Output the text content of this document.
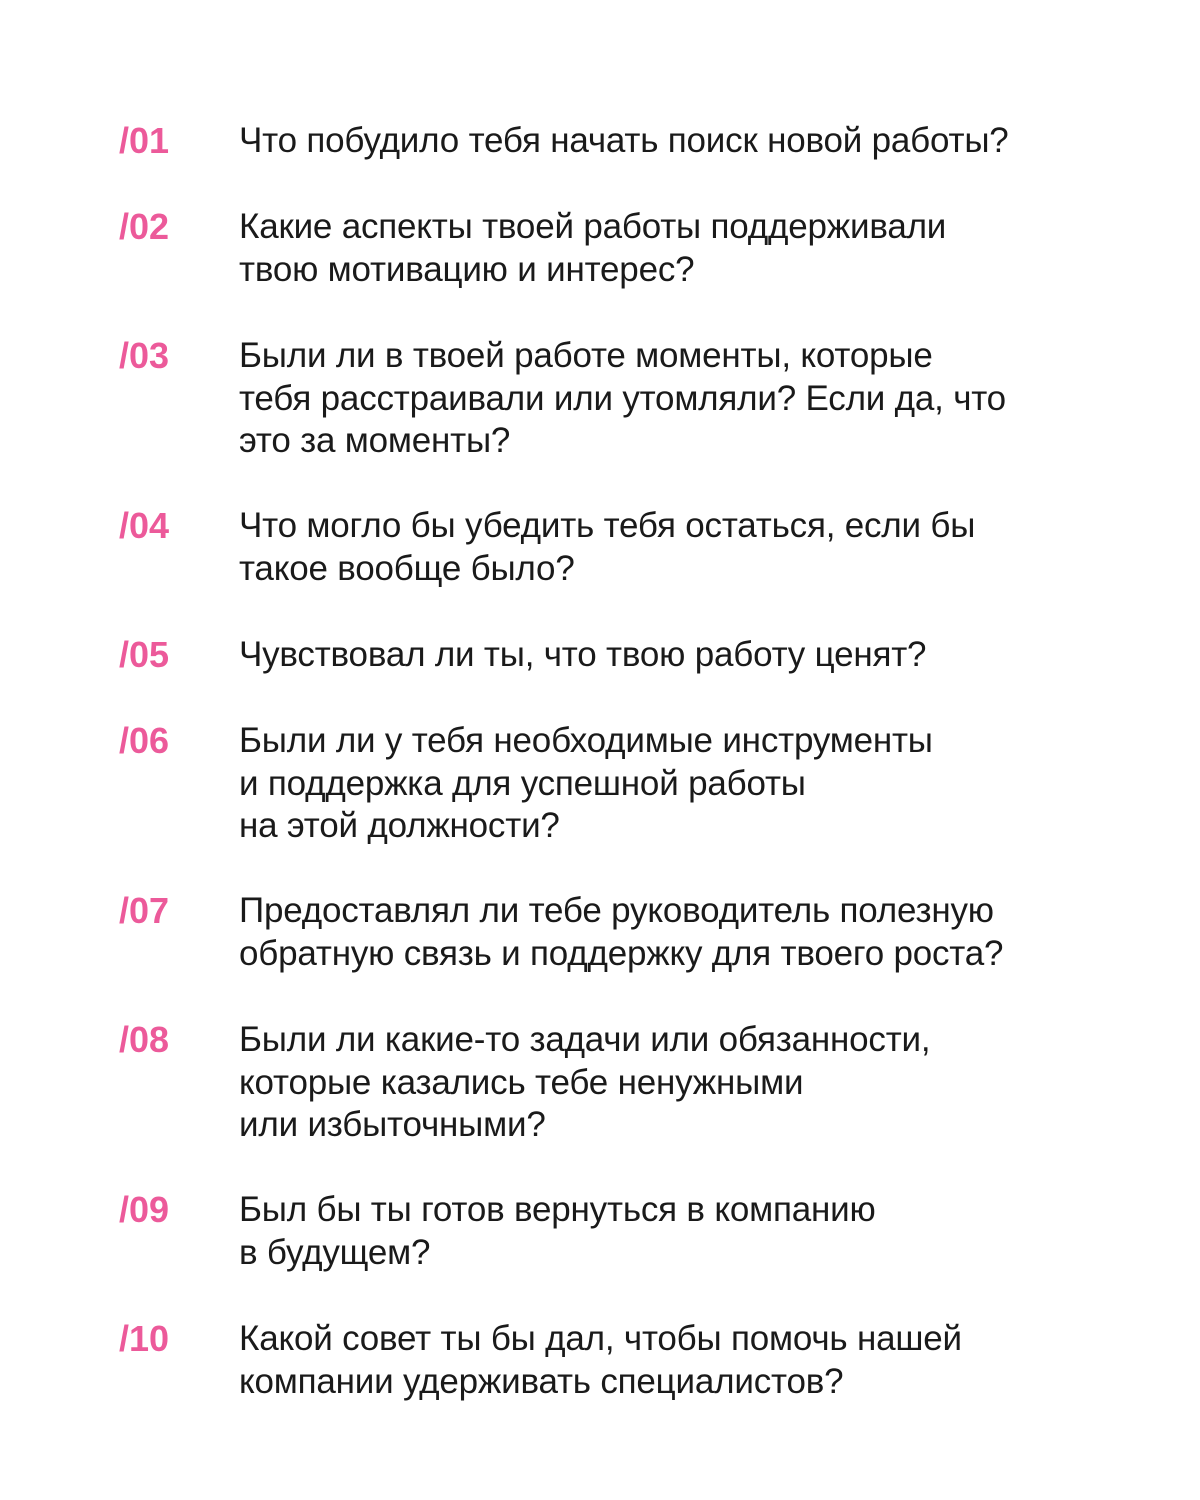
/01 Что побудило тебя начать поиск новой работы?
/02 Какие аспекты твоей работы поддерживали
твою мотивацию и интерес?
/03 Были ли в твоей работе моменты, которые
тебя расстраивали или утомляли? Если да, что
это за моменты?
/04 Что могло бы убедить тебя остаться, если бы
такое вообще было?
/05 Чувствовал ли ты, что твою работу ценят?
/06 Были ли у тебя необходимые инструменты
и поддержка для успешной работы
на этой должности?
/07 Предоставлял ли тебе руководитель полезную
обратную связь и поддержку для твоего роста?
/08 Были ли какие-то задачи или обязанности,
которые казались тебе ненужными
или избыточными?
/09 Был бы ты готов вернуться в компанию
в будущем?
/10 Какой совет ты бы дал, чтобы помочь нашей
компании удерживать специалистов?
